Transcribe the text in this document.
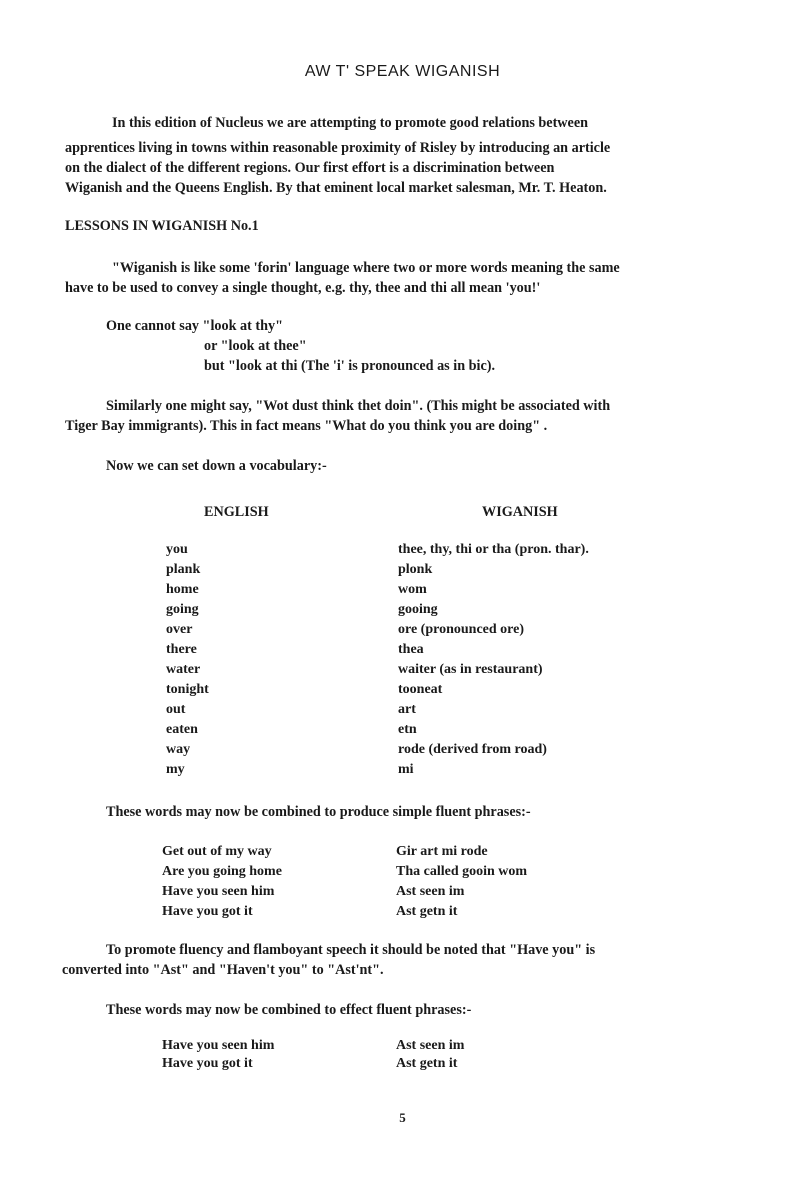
AW T' SPEAK WIGANISH
In this edition of Nucleus we are attempting to promote good relations between
apprentices living in towns within reasonable proximity of Risley by introducing an article
on the dialect of the different regions. Our first effort is a discrimination between
Wiganish and the Queens English. By that eminent local market salesman, Mr. T. Heaton.
LESSONS IN WIGANISH No.1
"Wiganish is like some 'forin' language where two or more words meaning the same
have to be used to convey a single thought, e.g. thy, thee and thi all mean 'you!'
One cannot say "look at thy"
or "look at thee"
but "look at thi (The 'i' is pronounced as in bic).
Similarly one might say, "Wot dust think thet doin". (This might be associated with
Tiger Bay immigrants). This in fact means "What do you think you are doing" .
Now we can set down a vocabulary:-
ENGLISH	WIGANISH
you	thee, thy, thi or tha (pron. thar).
plank	plonk
home	wom
going	gooing
over	ore (pronounced ore)
there	thea
water	waiter (as in restaurant)
tonight	tooneat
out	art
eaten	etn
way	rode (derived from road)
my	mi
These words may now be combined to produce simple fluent phrases:-
Get out of my way	Gir art mi rode
Are you going home	Tha called gooin wom
Have you seen him	Ast seen im
Have you got it	Ast getn it
To promote fluency and flamboyant speech it should be noted that "Have you" is
converted into "Ast" and "Haven't you" to "Ast'nt".
These words may now be combined to effect fluent phrases:-
Have you seen him	Ast seen im
Have you got it	Ast getn it
5
